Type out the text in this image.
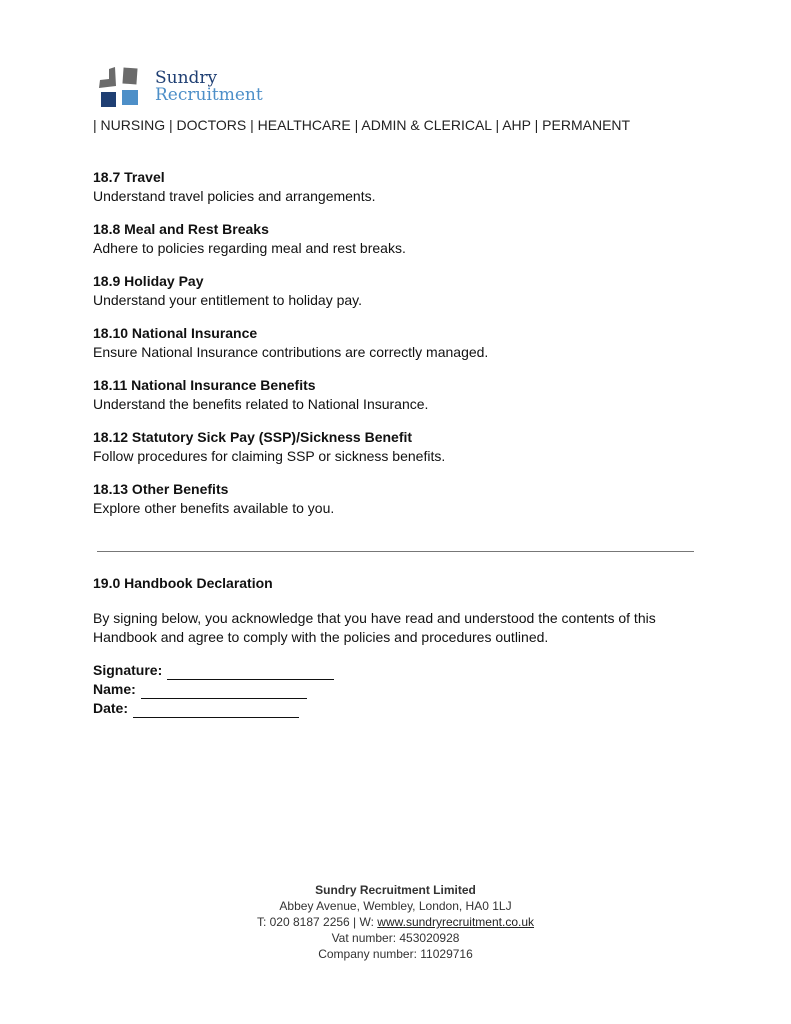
Sundry
Recruitment
| NURSING | DOCTORS | HEALTHCARE | ADMIN & CLERICAL | AHP | PERMANENT
18.7 Travel
Understand travel policies and arrangements.
18.8 Meal and Rest Breaks
Adhere to policies regarding meal and rest breaks.
18.9 Holiday Pay
Understand your entitlement to holiday pay.
18.10 National Insurance
Ensure National Insurance contributions are correctly managed.
18.11 National Insurance Benefits
Understand the benefits related to National Insurance.
18.12 Statutory Sick Pay (SSP)/Sickness Benefit
Follow procedures for claiming SSP or sickness benefits.
18.13 Other Benefits
Explore other benefits available to you.
19.0 Handbook Declaration
By signing below, you acknowledge that you have read and understood the contents of this Handbook and agree to comply with the policies and procedures outlined.
Signature:
Name:
Date:
Sundry Recruitment Limited
Abbey Avenue, Wembley, London, HA0 1LJ
T: 020 8187 2256 | W: www.sundryrecruitment.co.uk
Vat number: 453020928
Company number: 11029716
